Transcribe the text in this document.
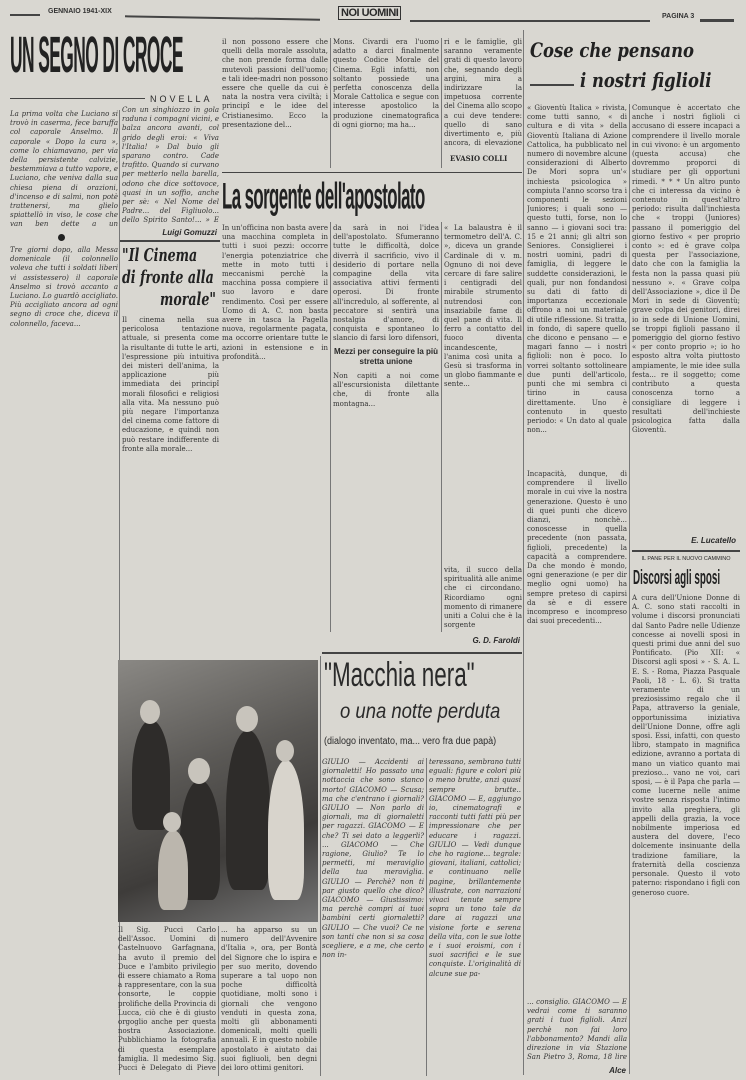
GENNAIO 1941-XIX	NOI UOMINI	PAGINA 3
UN SEGNO DI CROCE
NOVELLA
La prima volta che Luciano si trovò in caserma, fece baruffa col caporale Anselmo. Il caporale « Dopo la cura », come lo chiamavano, per via della persistente calvizie, bestemmiava a tutto vapore, e Luciano, che veniva dalla sua chiesa piena di orazioni, d'incenso e di salmi, non potè trattenersi, ma glielo spiattellò in viso, le cose che van ben dette a un
Tre giorni dopo, alla Messa domenicale (il colonnello voleva che tutti i soldati liberi vi assistessero) il caporale Anselmo si trovò accanto a Luciano. Lo guardò accigliato. Più accigliato ancora ad ogni segno di croce che, diceva il colonnello, faceva...
Con un singhiozzo in gola raduna i compagni vicini, e balza ancora avanti, col grido degli eroi: « Viva l'Italia! » Dal buio gli sparano contro. Cade trafitto. Quando si curvano per metterlo nella barella, odono che dice sottovoce, quasi in un soffio, anche per sè: « Nel Nome del Padre... del Figliuolo... dello Spirito Santo!... » E
Luigi Gomuzzi
"Il Cinema
di fronte alla
morale"
Il cinema nella sua pericolosa tentazione attuale, si presenta come la risultante di tutte le arti, l'espressione più intuitiva dei misteri dell'anima, la applicazione più immediata dei principî morali filosofici e religiosi alla vita. Ma nessuno può più negare l'importanza del cinema come fattore di educazione, e quindi non può restare indifferente di fronte alla morale...
il non possono essere che quelli della morale assoluta, che non prende forma dalle mutevoli passioni dell'uomo; e tali idee-madri non possono essere che quelle da cui è nata la nostra vera civiltà; i principî e le idee del Cristianesimo. Ecco la presentazione del...
Mons. Civardi era l'uomo adatto a darci finalmente questo Codice Morale del Cinema. Egli infatti, non soltanto possiede una perfetta conoscenza della Morale Cattolica e segue con interesse apostolico la produzione cinematografica di ogni giorno; ma ha...
ri e le famiglie, gli saranno veramente grati di questo lavoro che, segnando degli argini, mira a indirizzare la impetuosa corrente del Cinema allo scopo a cui deve tendere: quello di sano divertimento e, più ancora, di elevazione
EVASIO COLLI
La sorgente dell'apostolato
In un'officina non basta avere una macchina completa in tutti i suoi pezzi: occorre l'energia potenziatrice che mette in moto tutti i meccanismi perchè la macchina possa compiere il suo lavoro e dare rendimento. Così per essere Uomo di A. C. non basta avere in tasca la Pagella nuova, regolarmente pagata, ma occorre orientare tutte le azioni in estensione e in profondità...
da sarà in noi l'idea dell'apostolato. Sfumeranno tutte le difficoltà, dolce diverrà il sacrificio, vivo il desiderio di portare nella compagine della vita associativa attivi fermenti operosi. Di fronte all'incredulo, al sofferente, al peccatore si sentirà una nostalgia d'amore, di conquista e spontaneo lo slancio di farsi loro difensori,
Mezzi per conseguire la più stretta unione
Non capiti a noi come all'escursionista dilettante che, di fronte alla montagna...
« La balaustra è il termometro dell'A. C. », diceva un grande Cardinale di v. m. Ognuno di noi deve cercare di fare salire i centigradi del mirabile strumento nutrendosi con insaziabile fame di quel pane di vita. Il ferro a contatto del fuoco diventa incandescente, l'anima così unita a Gesù si trasforma in un globo fiammante e sente...
vita, il succo della spiritualità alle anime che ci circondano. Ricordiamo ogni momento di rimanere uniti a Colui che è la sorgente
G. D. Faroldi
Cose che pensano
i nostri figlioli
« Gioventù Italica » rivista, come tutti sanno, « di cultura e di vita » della Gioventù Italiana di Azione Cattolica, ha pubblicato nel numero di novembre alcune considerazioni di Alberto De Mori sopra un'« inchiesta psicologica » compiuta l'anno scorso tra i componenti le sezioni Juniores; i quali sono — questo tutti, forse, non lo sanno — i giovani soci tra: 15 e 21 anni; gli altri son Seniores. Consiglierei i nostri uomini, padri di famiglia, di leggere le suddette considerazioni, le quali, pur non fondandosi su dati di fatto di importanza eccezionale offrono a noi un materiale di utile riflessione. Si tratta, in fondo, di sapere quello che dicono e pensano — e magari fanno — i nostri figlioli: non è poco. Io vorrei soltanto sottolineare due punti dell'articolo, punti che mi sembra ci tirino in causa direttamente. Uno è contenuto in questo periodo: « Un dato al quale non...
Incapacità, dunque, di comprendere il livello morale in cui vive la nostra generazione. Questo è uno di quei punti che dicevo dianzi, nonchè... conoscesse in quella precedente (non passata, figlioli, precedente) la capacità a comprendere. Da che mondo è mondo, ogni generazione (e per dir meglio ogni uomo) ha sempre preteso di capirsi da sè e di essere incompreso e incompreso dai suoi precedenti...
Comunque è accertato che anche i nostri figlioli ci accusano di essere incapaci a comprendere il livello morale in cui vivono: è un argomento (questa accusa) che dovremmo proporci di studiare per gli opportuni rimedi. * * * Un altro punto che ci interessa da vicino è contenuto in quest'altro periodo: risulta dall'inchiesta che « troppi (Juniores) passano il pomeriggio del giorno festivo « per proprio conto »: ed è grave colpa questa per l'associazione, dato che con la famiglia la festa non la passa quasi più nessuno ». « Grave colpa dell'Associazione », dice il De Mori in sede di Gioventù; grave colpa dei genitori, direi io in sede di Unione Uomini, se troppi figlioli passano il pomeriggio del giorno festivo « per conto proprio »; io ho esposto altra volta piuttosto ampiamente, le mie idee sulla festa... re il soggetto; come contributo a questa conoscenza torno a consigliare di leggere i resultati dell'inchieste psicologica fatta dalla Gioventù.
E. Lucatello
IL PANE PER IL NUOVO CAMMINO
Discorsi agli sposi
A cura dell'Unione Donne di A. C. sono stati raccolti in volume i discorsi pronunciati dal Santo Padre nelle Udienze concesse ai novelli sposi in questi primi due anni del suo Pontificato. (Pio XII: « Discorsi agli sposi » - S. A. L. E. S. - Roma, Piazza Pasquale Paoli, 18 - L. 6). Si tratta veramente di un preziosissimo regalo che il Papa, attraverso la geniale, opportunissima iniziativa dell'Unione Donne, offre agli sposi. Essi, infatti, con questo libro, stampato in magnifica edizione, avranno a portata di mano un viatico quanto mai prezioso... vano ne voi, cari sposi, — è il Papa che parla — come lucerne nelle anime vostre senza risposta l'intimo invito alla preghiera, gli appelli della grazia, la voce nobilmente imperiosa ed austera del dovere, l'eco dolcemente insinuante della tradizione familiare, la fraternità della coscienza personale. Questo il voto paterno: rispondano i figli con generoso cuore.
"Macchia nera"
o una notte perduta
(dialogo inventato, ma... vero fra due papà)
GIULIO — Accidenti ai giornaletti! Ho passato una nottaccia che sono stanco morto! GIACOMO — Scusa; ma che c'entrano i giornali? GIULIO — Non parlo di giornali, ma di giornaletti per ragazzi. GIACOMO — E che? Ti sei dato a leggerli? ... GIACOMO — Che ragione, Giulio? Te lo permetti, mi meraviglio della tua meraviglia. GIULIO — Perchè? non ti par giusto quello che dico? GIACOMO — Giustissimo: ma perchè compri ai tuoi bambini certi giornaletti? GIULIO — Che vuoi? Ce ne son tanti che non si sa cosa scegliere, e a me, che certo non in-
teressano, sembrano tutti eguali: figure e colori più o meno brutte, anzi quasi sempre brutte.. GIACOMO — E, aggiungo io, cinematografi e racconti tutti fatti più per impressionare che per educare i ragazzi. GIULIO — Vedi dunque che ho ragione... tegrale: giovani, italiani, cattolici; e continuano nelle pagine, brillantemente illustrate, con narrazioni vivaci tenute sempre sopra un tono tale da dare ai ragazzi una visione forte e serena della vita, con le sue lotte e i suoi eroismi, con i suoi sacrifici e le sue conquiste. L'originalità di alcune sue pa-
... consiglio. GIACOMO — E vedrai come ti saranno grati i tuoi figlioli. Anzi perchè non fai loro l'abbonamento? Mandi alla direzione in via Stazione San Pietro 3, Roma, 18 lire
Alce
Il Sig. Pucci Carlo dell'Assoc. Uomini di Castelnuovo Garfagnana, ha avuto il premio del Duce e l'ambito privilegio di essere chiamato a Roma a rappresentare, con la sua consorte, le coppie prolifiche della Provincia di Lucca, ciò che è di giusto orgoglio anche per questa nostra Associazione. Pubblichiamo la fotografia di questa esemplare famiglia. Il medesimo Sig. Pucci è Delegato di Pieve
... ha apparso su un numero dell'Avvenire d'Italia », ora, per Bontà del Signore che lo ispira e per suo merito, dovendo superare a tal uopo non poche difficoltà quotidiane, molti sono i giornali che vengono venduti in questa zona, molti gli abbonamenti domenicali, molti quelli annuali. E in questo nobile apostolato è aiutato dai suoi figliuoli, ben degni dei loro ottimi genitori.
